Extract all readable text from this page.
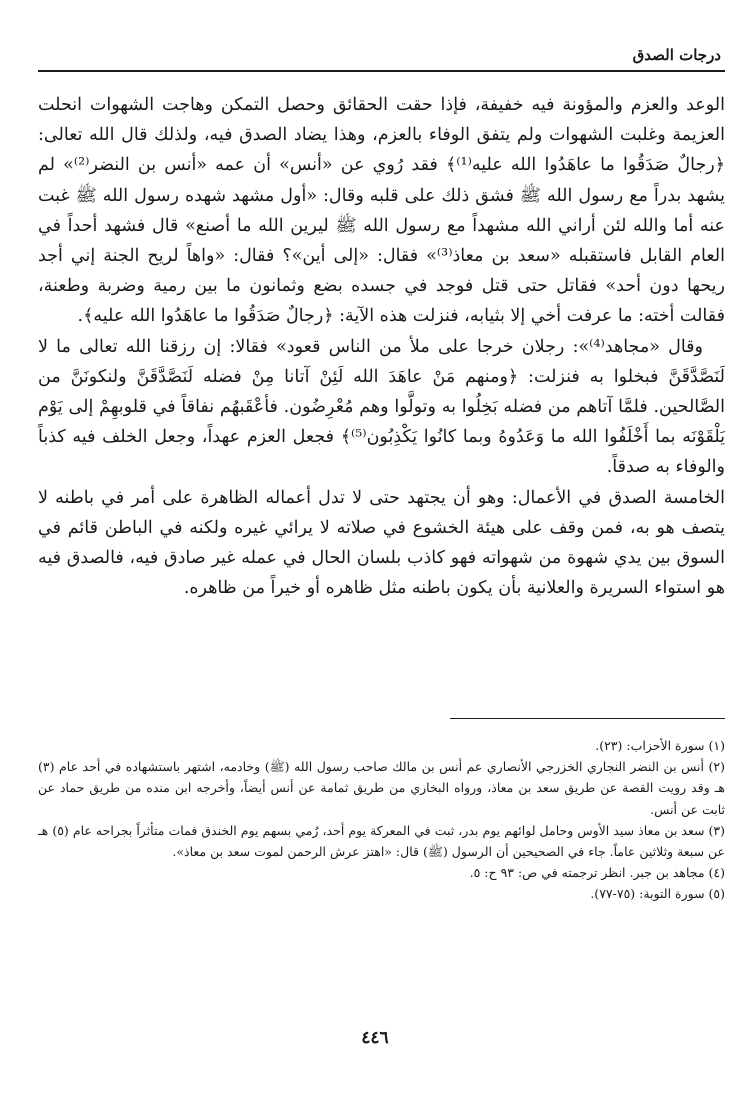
درجات الصدق

الوعد والعزم والمؤونة فيه خفيفة، فإذا حقت الحقائق وحصل التمكن وهاجت الشهوات انحلت العزيمة وغلبت الشهوات ولم يتفق الوفاء بالعزم، وهذا يضاد الصدق فيه، ولذلك قال الله تعالى: ﴿رجالٌ صَدَقُوا ما عاهَدُوا الله عليه⁽¹⁾﴾ فقد رُوي عن «أنس» أن عمه «أنس بن النضر⁽²⁾» لم يشهد بدراً مع رسول الله ﷺ فشق ذلك على قلبه وقال: «أول مشهد شهده رسول الله ﷺ غبت عنه أما والله لئن أراني الله مشهداً مع رسول الله ﷺ ليرين الله ما أصنع» قال فشهد أحداً في العام القابل فاستقبله «سعد بن معاذ⁽³⁾» فقال: «إلى أين»؟ فقال: «واهاً لريح الجنة إني أجد ريحها دون أحد» فقاتل حتى قتل فوجد في جسده بضع وثمانون ما بين رمية وضربة وطعنة، فقالت أخته: ما عرفت أخي إلا بثيابه، فنزلت هذه الآية: ﴿رجالٌ صَدَقُوا ما عاهَدُوا الله عليه﴾.

وقال «مجاهد⁽⁴⁾»: رجلان خرجا على ملأ من الناس قعود» فقالا: إن رزقنا الله تعالى ما لا لَنَصَّدَّقَنَّ فبخلوا به فنزلت: ﴿ومنهم مَنْ عاهَدَ الله لَئِنْ آتانا مِنْ فضله لَنَصَّدَّقَنَّ ولنكونَنَّ من الصَّالحين. فلمَّا آتاهم من فضله بَخِلُوا به وتولَّوا وهم مُعْرِضُون. فأعْقَبهُم نفاقاً في قلوبهِمْ إلى يَوْم يَلْقَوْنَه بما أَخْلَفُوا الله ما وَعَدُوهُ وبما كانُوا يَكْذِبُون⁽⁵⁾﴾ فجعل العزم عهداً، وجعل الخلف فيه كذباً والوفاء به صدقاً.

الخامسة الصدق في الأعمال: وهو أن يجتهد حتى لا تدل أعماله الظاهرة على أمر في باطنه لا يتصف هو به، فمن وقف على هيئة الخشوع في صلاته لا يرائي غيره ولكنه في الباطن قائم في السوق بين يدي شهوة من شهواته فهو كاذب بلسان الحال في عمله غير صادق فيه، فالصدق فيه هو استواء السريرة والعلانية بأن يكون باطنه مثل ظاهره أو خيراً من ظاهره.

(١) سورة الأحزاب: (٢٣).

(٢) أنس بن النضر النجاري الخزرجي الأنصاري عم أنس بن مالك صاحب رسول الله (ﷺ) وخادمه، اشتهر باستشهاده في أحد عام (٣) هـ وقد رويت القصة عن طريق سعد بن معاذ، ورواه البخاري من طريق ثمامة عن أنس أيضاً، وأخرجه ابن منده من طريق حماد عن ثابت عن أنس.

(٣) سعد بن معاذ سيد الأوس وحامل لوائهم يوم بدر، ثبت في المعركة يوم أحد، رُمي بسهم يوم الخندق فمات متأثراً بجراحه عام (٥) هـ عن سبعة وثلاثين عاماً. جاء في الصحيحين أن الرسول (ﷺ) قال: «اهتز عرش الرحمن لموت سعد بن معاذ».

(٤) مجاهد بن جبر. انظر ترجمته في ص: ٩٣ ح: ٥.

(٥) سورة التوبة: (٧٥-٧٧).

٤٤٦
